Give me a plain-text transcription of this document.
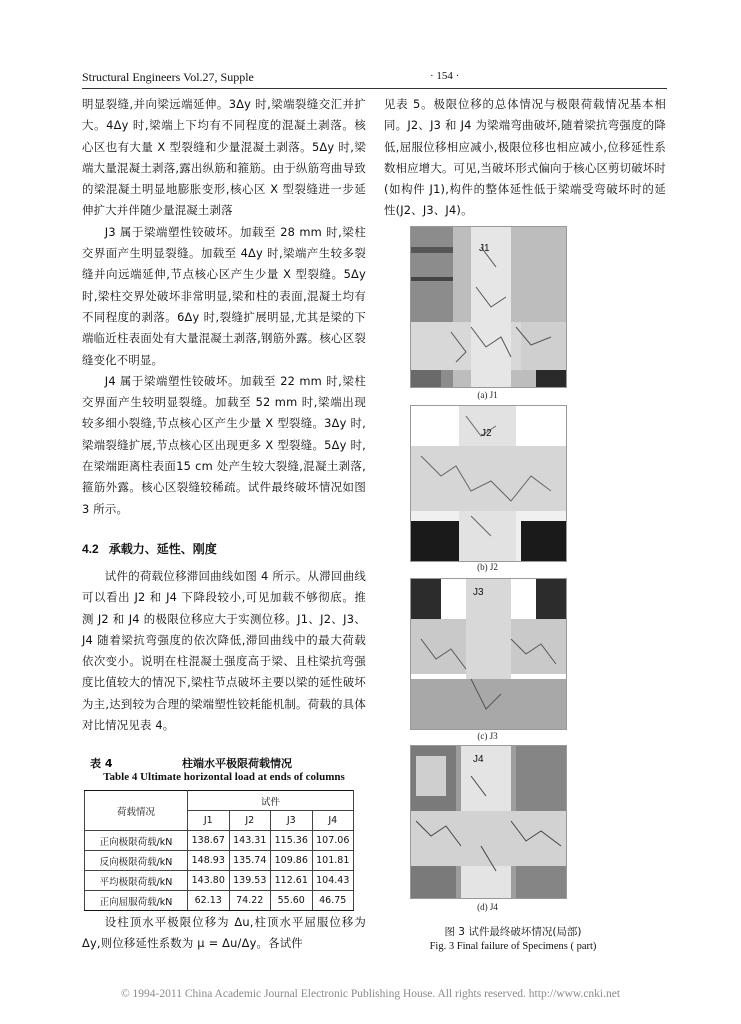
Structural Engineers Vol.27, Supple	· 154 ·

明显裂缝,并向梁远端延伸。3Δy 时,梁端裂缝交汇并扩大。4Δy 时,梁端上下均有不同程度的混凝土剥落。核心区也有大量 X 型裂缝和少量混凝土剥落。5Δy 时,梁端大量混凝土剥落,露出纵筋和箍筋。由于纵筋弯曲导致的梁混凝土明显地膨胀变形,核心区 X 型裂缝进一步延伸扩大并伴随少量混凝土剥落

J3 属于梁端塑性铰破坏。加载至 28 mm 时,梁柱交界面产生明显裂缝。加载至 4Δy 时,梁端产生较多裂缝并向远端延伸,节点核心区产生少量 X 型裂缝。5Δy 时,梁柱交界处破坏非常明显,梁和柱的表面,混凝土均有不同程度的剥落。6Δy 时,裂缝扩展明显,尤其是梁的下端临近柱表面处有大量混凝土剥落,钢筋外露。核心区裂缝变化不明显。

J4 属于梁端塑性铰破坏。加载至 22 mm 时,梁柱交界面产生较明显裂缝。加载至 52 mm 时,梁端出现较多细小裂缝,节点核心区产生少量 X 型裂缝。3Δy 时,梁端裂缝扩展,节点核心区出现更多 X 型裂缝。5Δy 时,在梁端距离柱表面15 cm 处产生较大裂缝,混凝土剥落,箍筋外露。核心区裂缝较稀疏。试件最终破坏情况如图 3 所示。

4.2 承载力、延性、刚度

试件的荷载位移滞回曲线如图 4 所示。从滞回曲线可以看出 J2 和 J4 下降段较小,可见加载不够彻底。推测 J2 和 J4 的极限位移应大于实测位移。J1、J2、J3、J4 随着梁抗弯强度的依次降低,滞回曲线中的最大荷载依次变小。说明在柱混凝土强度高于梁、且柱梁抗弯强度比值较大的情况下,梁柱节点破坏主要以梁的延性破坏为主,达到较为合理的梁端塑性铰耗能机制。荷载的具体对比情况见表 4。

表 4	柱端水平极限荷载情况
Table 4 Ultimate horizontal load at ends of columns
荷载情况	试件			
	J1	J2	J3	J4
正向极限荷载/kN	138.67	143.31	115.36	107.06
反向极限荷载/kN	148.93	135.74	109.86	101.81
平均极限荷载/kN	143.80	139.53	112.61	104.43
正向屈服荷载/kN	62.13	74.22	55.60	46.75

设柱顶水平极限位移为 Δu,柱顶水平屈服位移为 Δy,则位移延性系数为 μ = Δu/Δy。各试件

见表 5。极限位移的总体情况与极限荷载情况基本相同。J2、J3 和 J4 为梁端弯曲破坏,随着梁抗弯强度的降低,屈服位移相应减小,极限位移也相应减小,位移延性系数相应增大。可见,当破坏形式偏向于核心区剪切破坏时(如构件 J1),构件的整体延性低于梁端受弯破坏时的延性(J2、J3、J4)。

J1
(a) J1
J2
(b) J2
J3
(c) J3
J4
(d) J4
图 3 试件最终破坏情况(局部)
Fig. 3 Final failure of Specimens ( part)
© 1994-2011 China Academic Journal Electronic Publishing House. All rights reserved. http://www.cnki.net
